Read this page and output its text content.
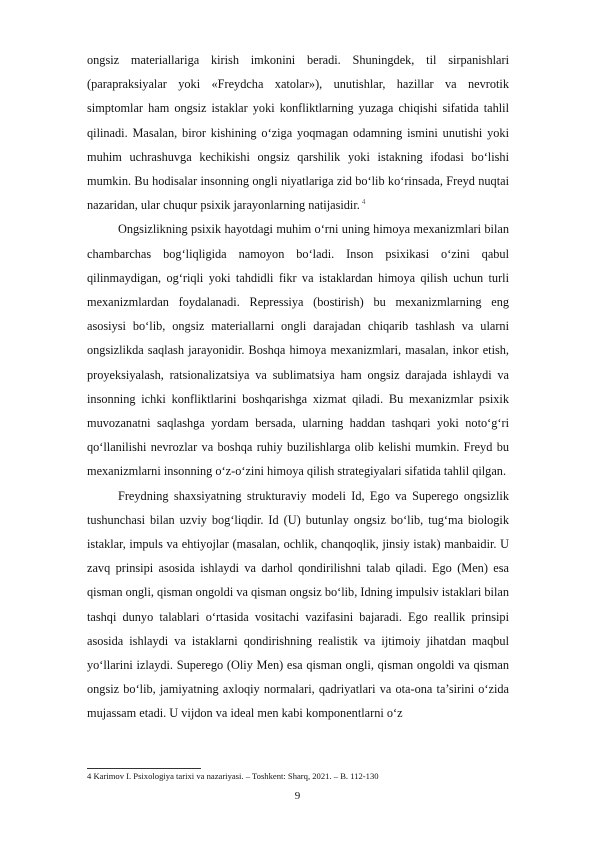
ongsiz materiallariga kirish imkonini beradi. Shuningdek, til sirpanishlari (parapraksiyalar yoki «Freydcha xatolar»), unutishlar, hazillar va nevrotik simptomlar ham ongsiz istaklar yoki konfliktlarning yuzaga chiqishi sifatida tahlil qilinadi. Masalan, biror kishining o‘ziga yoqmagan odamning ismini unutishi yoki muhim uchrashuvga kechikishi ongsiz qarshilik yoki istakning ifodasi bo‘lishi mumkin. Bu hodisalar insonning ongli niyatlariga zid bo‘lib ko‘rinsada, Freyd nuqtai nazaridan, ular chuqur psixik jarayonlarning natijasidir. $^4$

Ongsizlikning psixik hayotdagi muhim o‘rni uning himoya mexanizmlari bilan chambarchas bog‘liqligida namoyon bo‘ladi. Inson psixikasi o‘zini qabul qilinmaydigan, og‘riqli yoki tahdidli fikr va istaklardan himoya qilish uchun turli mexanizmlardan foydalanadi. Repressiya (bostirish) bu mexanizmlarning eng asosiysi bo‘lib, ongsiz materiallarni ongli darajadan chiqarib tashlash va ularni ongsizlikda saqlash jarayonidir. Boshqa himoya mexanizmlari, masalan, inkor etish, proyeksiyalash, ratsionalizatsiya va sublimatsiya ham ongsiz darajada ishlaydi va insonning ichki konfliktlarini boshqarishga xizmat qiladi. Bu mexanizmlar psixik muvozanatni saqlashga yordam bersada, ularning haddan tashqari yoki noto‘g‘ri qo‘llanilishi nevrozlar va boshqa ruhiy buzilishlarga olib kelishi mumkin. Freyd bu mexanizmlarni insonning o‘z-o‘zini himoya qilish strategiyalari sifatida tahlil qilgan.

Freydning shaxsiyatning strukturaviy modeli Id, Ego va Superego ongsizlik tushunchasi bilan uzviy bog‘liqdir. Id (U) butunlay ongsiz bo‘lib, tug‘ma biologik istaklar, impuls va ehtiyojlar (masalan, ochlik, chanqoqlik, jinsiy istak) manbaidir. U zavq prinsipi asosida ishlaydi va darhol qondirilishni talab qiladi. Ego (Men) esa qisman ongli, qisman ongoldi va qisman ongsiz bo‘lib, Idning impulsiv istaklari bilan tashqi dunyo talablari o‘rtasida vositachi vazifasini bajaradi. Ego reallik prinsipi asosida ishlaydi va istaklarni qondirishning realistik va ijtimoiy jihatdan maqbul yo‘llarini izlaydi. Superego (Oliy Men) esa qisman ongli, qisman ongoldi va qisman ongsiz bo‘lib, jamiyatning axloqiy normalari, qadriyatlari va ota-ona ta’sirini o‘zida mujassam etadi. U vijdon va ideal men kabi komponentlarni o‘z

4 Karimov I. Psixologiya tarixi va nazariyasi. – Toshkent: Sharq, 2021. – B. 112-130
9
